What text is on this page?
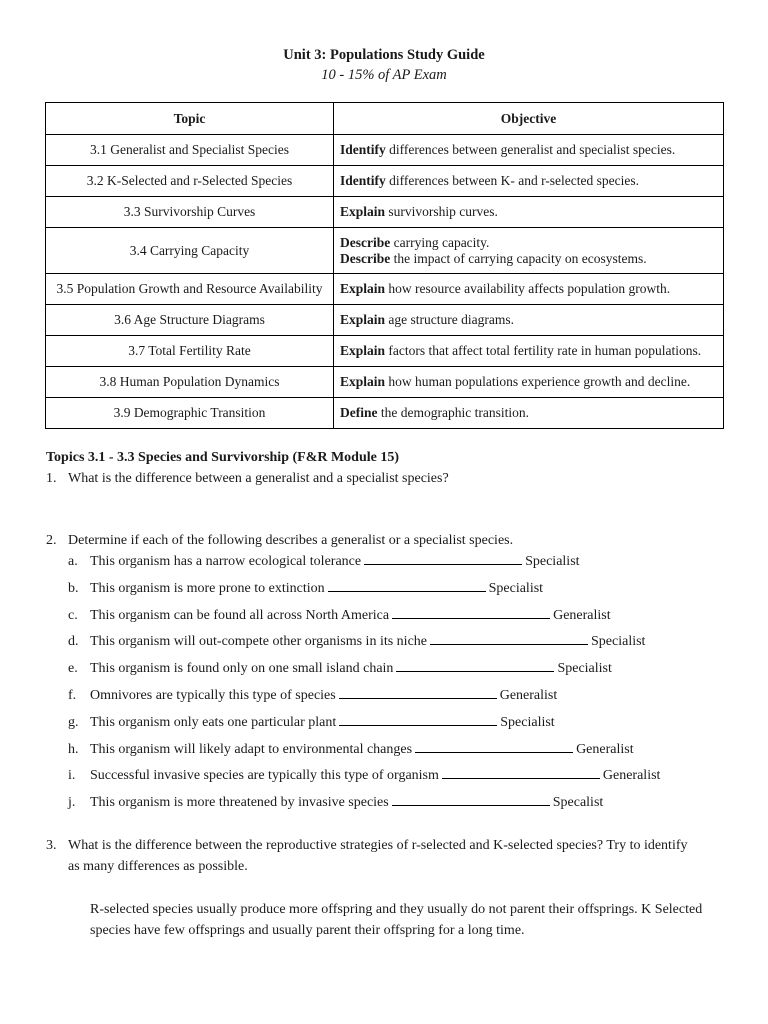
Unit 3: Populations Study Guide
10 - 15% of AP Exam
Topic	Objective
3.1 Generalist and Specialist Species	Identify differences between generalist and specialist species.
3.2 K-Selected and r-Selected Species	Identify differences between K- and r-selected species.
3.3 Survivorship Curves	Explain survivorship curves.
3.4 Carrying Capacity	Describe carrying capacity.
Describe the impact of carrying capacity on ecosystems.
3.5 Population Growth and Resource Availability	Explain how resource availability affects population growth.
3.6 Age Structure Diagrams	Explain age structure diagrams.
3.7 Total Fertility Rate	Explain factors that affect total fertility rate in human populations.
3.8 Human Population Dynamics	Explain how human populations experience growth and decline.
3.9 Demographic Transition	Define the demographic transition.
Topics 3.1 - 3.3 Species and Survivorship (F&R Module 15)
1. What is the difference between a generalist and a specialist species?
2. Determine if each of the following describes a generalist or a specialist species.
a. This organism has a narrow ecological tolerance	Specialist
b. This organism is more prone to extinction	Specialist
c. This organism can be found all across North America	Generalist
d. This organism will out-compete other organisms in its niche	Specialist
e. This organism is found only on one small island chain	Specialist
f. Omnivores are typically this type of species	Generalist
g. This organism only eats one particular plant	Specialist
h. This organism will likely adapt to environmental changes	Generalist
i. Successful invasive species are typically this type of organism	Generalist
j. This organism is more threatened by invasive species	Specalist
3. What is the difference between the reproductive strategies of r-selected and K-selected species? Try to identify as many differences as possible.
R-selected species usually produce more offspring and they usually do not parent their offsprings. K Selected species have few offsprings and usually parent their offspring for a long time.
